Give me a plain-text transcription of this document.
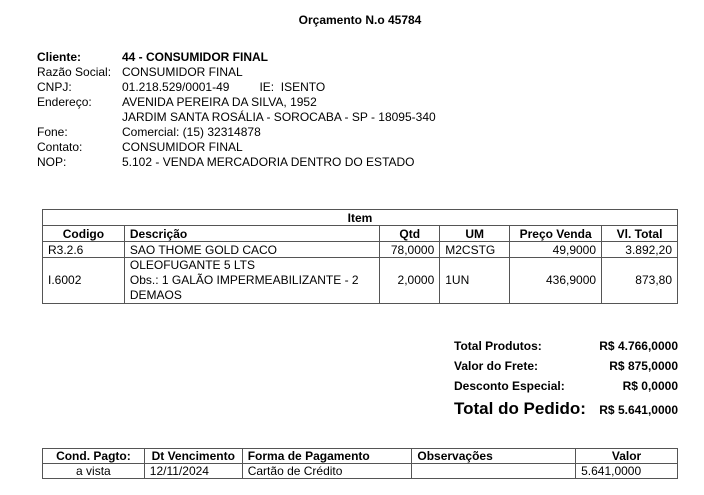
Orçamento N.o 45784
Cliente:	44 - CONSUMIDOR FINAL
Razão Social: CONSUMIDOR FINAL
CNPJ:	01.218.529/0001-49	IE:
ISENTO
Endereço:	AVENIDA PEREIRA DA SILVA, 1952
JARDIM SANTA ROSÁLIA - SOROCABA - SP - 18095-340
Fone:	Comercial: (15) 32314878
Contato:	CONSUMIDOR FINAL
NOP:	5.102 - VENDA MERCADORIA DENTRO DO ESTADO
Item					
Codigo	Descrição	Qtd	UM	Preço Venda	Vl. Total
R3.2.6	SAO THOME GOLD CACO	78,0000	M2CSTG	49,9000	3.892,20
I.6002	OLEOFUGANTE 5 LTS
Obs.: 1 GALÃO IMPERMEABILIZANTE - 2 DEMAOS	2,0000	1UN	436,9000	873,80
Total Produtos:	R$ 4.766,0000
Valor do Frete:	R$ 875,0000
Desconto Especial:	R$ 0,0000
Total do Pedido: R$ 5.641,0000
Cond. Pagto:	Dt Vencimento	Forma de Pagamento	Observações	Valor
a vista	12/11/2024	Cartão de Crédito		5.641,0000
